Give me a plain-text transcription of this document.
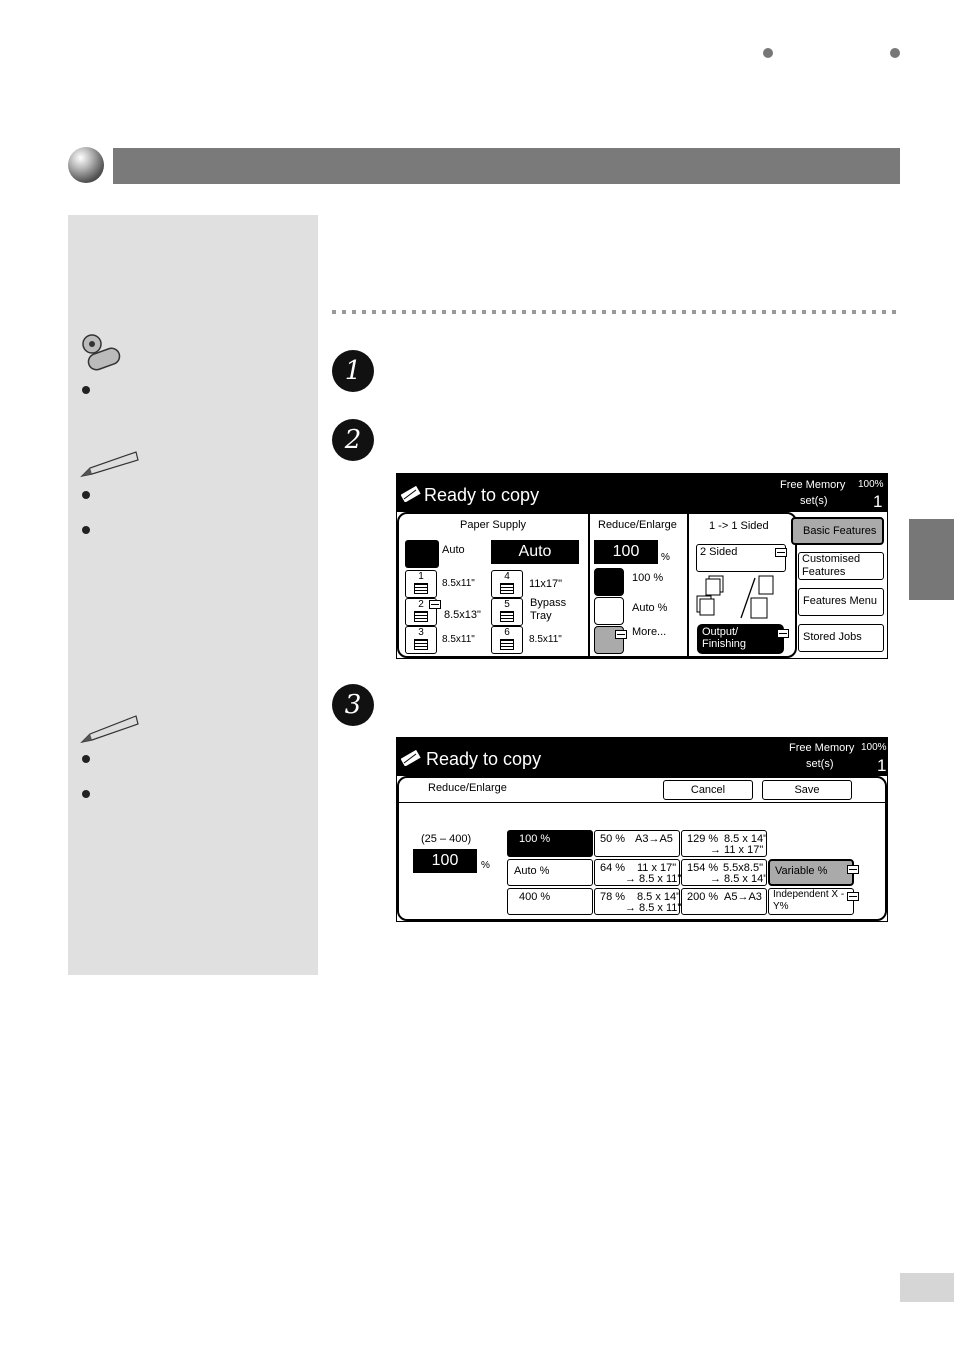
1
2
3
Ready to copy	Free Memory 100%
set(s)	1
Paper Supply
Auto	Auto
1
8.5x11"
2
8.5x13"
3
8.5x11"
4
11x17"
5	Bypass Tray
6
8.5x11"
Reduce/Enlarge
100	%
100 %
Auto %
More...
1 -> 1 Sided
2 Sided
Output/ Finishing
Basic Features
Customised Features
Features Menu
Stored Jobs
Ready to copy
Free Memory 100%
set(s)	1
Reduce/Enlarge	Cancel	Save
(25 – 400)
100	%
100 %
Auto %
400 %
50 % A3→A5
64 % 11 x 17"
→ 8.5 x 11"
78 % 8.5 x 14"
→ 8.5 x 11"
129 % 8.5 x 14"
→ 11 x 17"
154 % 5.5x8.5"
→ 8.5 x 14"
200 % A5→A3
Variable %
Independent X - Y%
